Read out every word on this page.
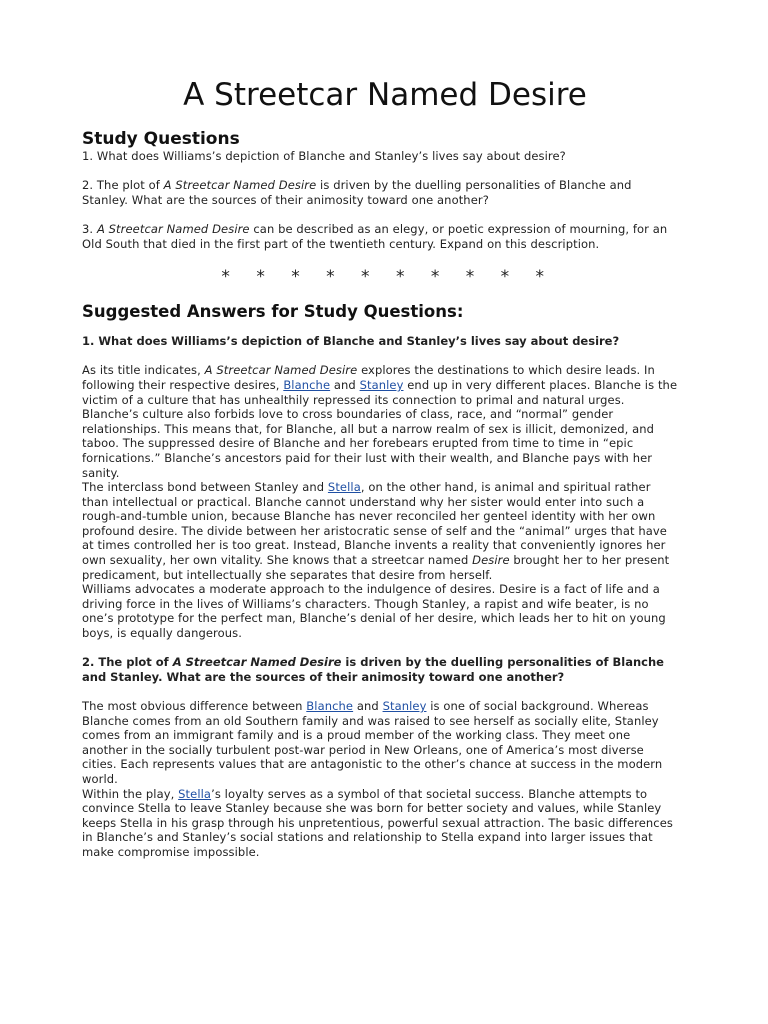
A Streetcar Named Desire
Study Questions

1. What does Williams’s depiction of Blanche and Stanley’s lives say about desire?

2. The plot of A Streetcar Named Desire is driven by the duelling personalities of Blanche and Stanley. What are the sources of their animosity toward one another?

3. A Streetcar Named Desire can be described as an elegy, or poetic expression of mourning, for an Old South that died in the first part of the twentieth century. Expand on this description.

* * * * * * * * * *
Suggested Answers for Study Questions:

1. What does Williams’s depiction of Blanche and Stanley’s lives say about desire?

As its title indicates, A Streetcar Named Desire explores the destinations to which desire leads. In following their respective desires, Blanche and Stanley end up in very different places. Blanche is the victim of a culture that has unhealthily repressed its connection to primal and natural urges. Blanche’s culture also forbids love to cross boundaries of class, race, and “normal” gender relationships. This means that, for Blanche, all but a narrow realm of sex is illicit, demonized, and taboo. The suppressed desire of Blanche and her forebears erupted from time to time in “epic fornications.” Blanche’s ancestors paid for their lust with their wealth, and Blanche pays with her sanity.

The interclass bond between Stanley and Stella, on the other hand, is animal and spiritual rather than intellectual or practical. Blanche cannot understand why her sister would enter into such a rough-and-tumble union, because Blanche has never reconciled her genteel identity with her own profound desire. The divide between her aristocratic sense of self and the “animal” urges that have at times controlled her is too great. Instead, Blanche invents a reality that conveniently ignores her own sexuality, her own vitality. She knows that a streetcar named Desire brought her to her present predicament, but intellectually she separates that desire from herself.

Williams advocates a moderate approach to the indulgence of desires. Desire is a fact of life and a driving force in the lives of Williams’s characters. Though Stanley, a rapist and wife beater, is no one’s prototype for the perfect man, Blanche’s denial of her desire, which leads her to hit on young boys, is equally dangerous.

2. The plot of A Streetcar Named Desire is driven by the duelling personalities of Blanche and Stanley. What are the sources of their animosity toward one another?

The most obvious difference between Blanche and Stanley is one of social background. Whereas Blanche comes from an old Southern family and was raised to see herself as socially elite, Stanley comes from an immigrant family and is a proud member of the working class. They meet one another in the socially turbulent post-war period in New Orleans, one of America’s most diverse cities. Each represents values that are antagonistic to the other’s chance at success in the modern world.

Within the play, Stella’s loyalty serves as a symbol of that societal success. Blanche attempts to convince Stella to leave Stanley because she was born for better society and values, while Stanley keeps Stella in his grasp through his unpretentious, powerful sexual attraction. The basic differences in Blanche’s and Stanley’s social stations and relationship to Stella expand into larger issues that make compromise impossible.
